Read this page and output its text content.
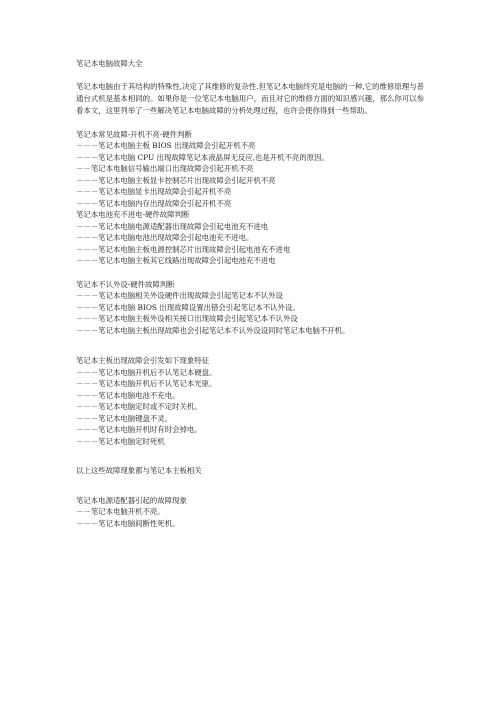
笔记本电脑故障大全
笔记本电脑由于其结构的特殊性,决定了其维修的复杂性.但笔记本电脑终究是电脑的一种,它的维修原理与普通台式机是基本相同的。如果你是一位笔记本电脑用户，而且对它的维修方面的知识感兴趣，那么你可以参看本文，这里列举了一些解决笔记本电脑故障的分析处理过程，也许会使你得到一些帮助。
笔记本常见故障-开机不亮-硬件判断
－－－笔记本电脑主板 BIOS 出现故障会引起开机不亮
－－－笔记本电脑 CPU 出现故障笔记本液晶屏无反应,也是开机不亮的原因。
－－笔记本电脑信号输出端口出现故障会引起开机不亮
－－－笔记本电脑主板显卡控制芯片出现故障会引起开机不亮
－－－笔记本电脑显卡出现故障会引起开机不亮
－－－笔记本电脑内存出现故障会引起开机不亮
笔记本电池充不进电-硬件故障判断
－－－笔记本电脑电源适配器出现故障会引起电池充不进电
－－－笔记本电脑电池出现故障会引起电池充不进电。
－－－笔记本电脑主板电源控制芯片出现故障会引起电池充不进电
－－－笔记本电脑主板其它线路出现故障会引起电池充不进电
笔记本不认外设-硬件故障判断
－－－笔记本电脑相关外设硬件出现故障会引起笔记本不认外设
－－－笔记本电脑 BIOS 出现故障设置出错会引起笔记本不认外设。
－－－笔记本电脑主板外设相关接口出现故障会引起笔记本不认外设
－－－笔记本电脑主板出现故障也会引起笔记本不认外设设同时笔记本电脑不开机。
笔记本主板出现故障会引发如下现象特征
－－－笔记本电脑开机后不认笔记本硬盘。
－－－笔记本电脑开机后不认笔记本光驱。
－－－笔记本电脑电池不充电。
－－－笔记本电脑定时或不定时关机。
－－－笔记本电脑键盘不灵。
－－－笔记本电脑开机时有时会掉电。
－－－笔记本电脑定时死机
以上这些故障现象都与笔记本主板相关
笔记本电源适配器引起的故障现象
－－笔记本电脑开机不亮。
－－－笔记本电脑间断性死机。
